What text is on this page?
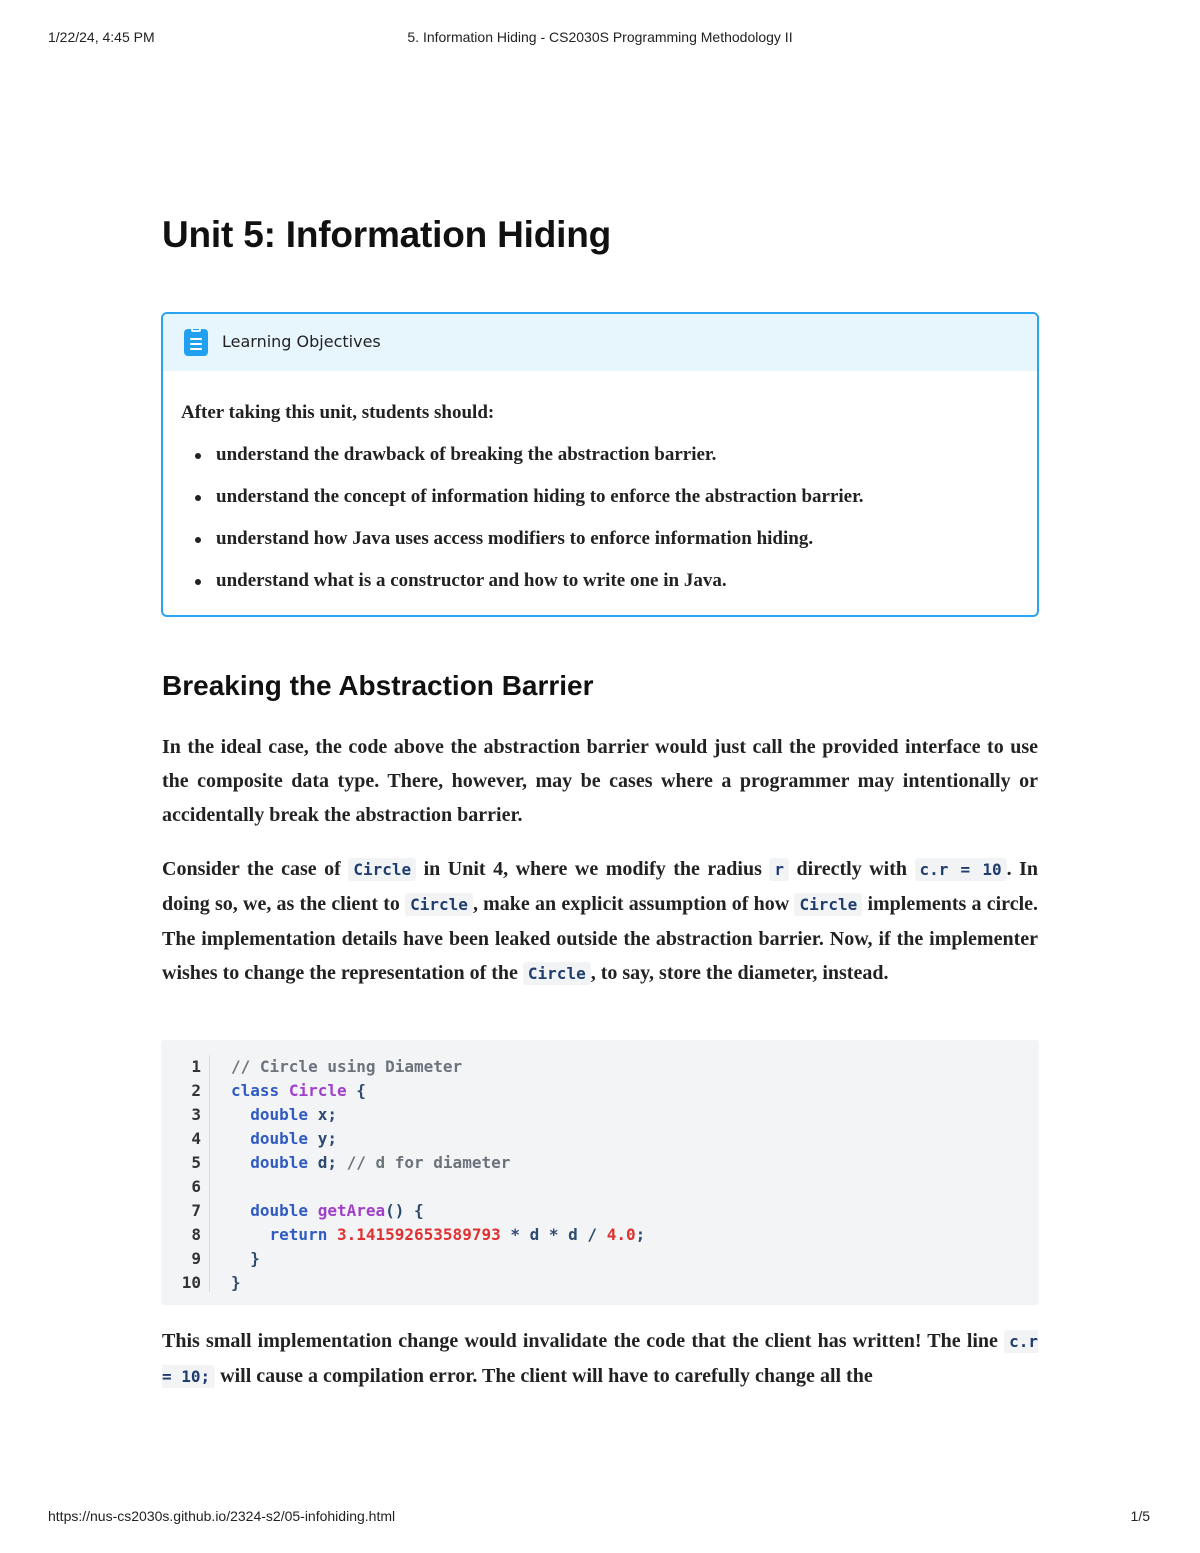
1/22/24, 4:45 PM	5. Information Hiding - CS2030S Programming Methodology II
Unit 5: Information Hiding
Learning Objectives

After taking this unit, students should:

understand the drawback of breaking the abstraction barrier.
understand the concept of information hiding to enforce the abstraction barrier.
understand how Java uses access modifiers to enforce information hiding.
understand what is a constructor and how to write one in Java.
Breaking the Abstraction Barrier

In the ideal case, the code above the abstraction barrier would just call the provided interface to use the composite data type. There, however, may be cases where a programmer may intentionally or accidentally break the abstraction barrier.

Consider the case of Circle in Unit 4, where we modify the radius r directly with c.r = 10 . In doing so, we, as the client to Circle , make an explicit assumption of how Circle implements a circle. The implementation details have been leaked outside the abstraction barrier. Now, if the implementer wishes to change the representation of the Circle , to say, store the diameter, instead.

1
2
3
4
5
6
7
8
9
10
// Circle using Diameter
class Circle {
double x;
double y;
double d; // d for diameter

double getArea() {
return 3.141592653589793 * d * d / 4.0;
}
}

This small implementation change would invalidate the code that the client has written! The line c.r = 10; will cause a compilation error. The client will have to carefully change all the

https://nus-cs2030s.github.io/2324-s2/05-infohiding.html	1/5
